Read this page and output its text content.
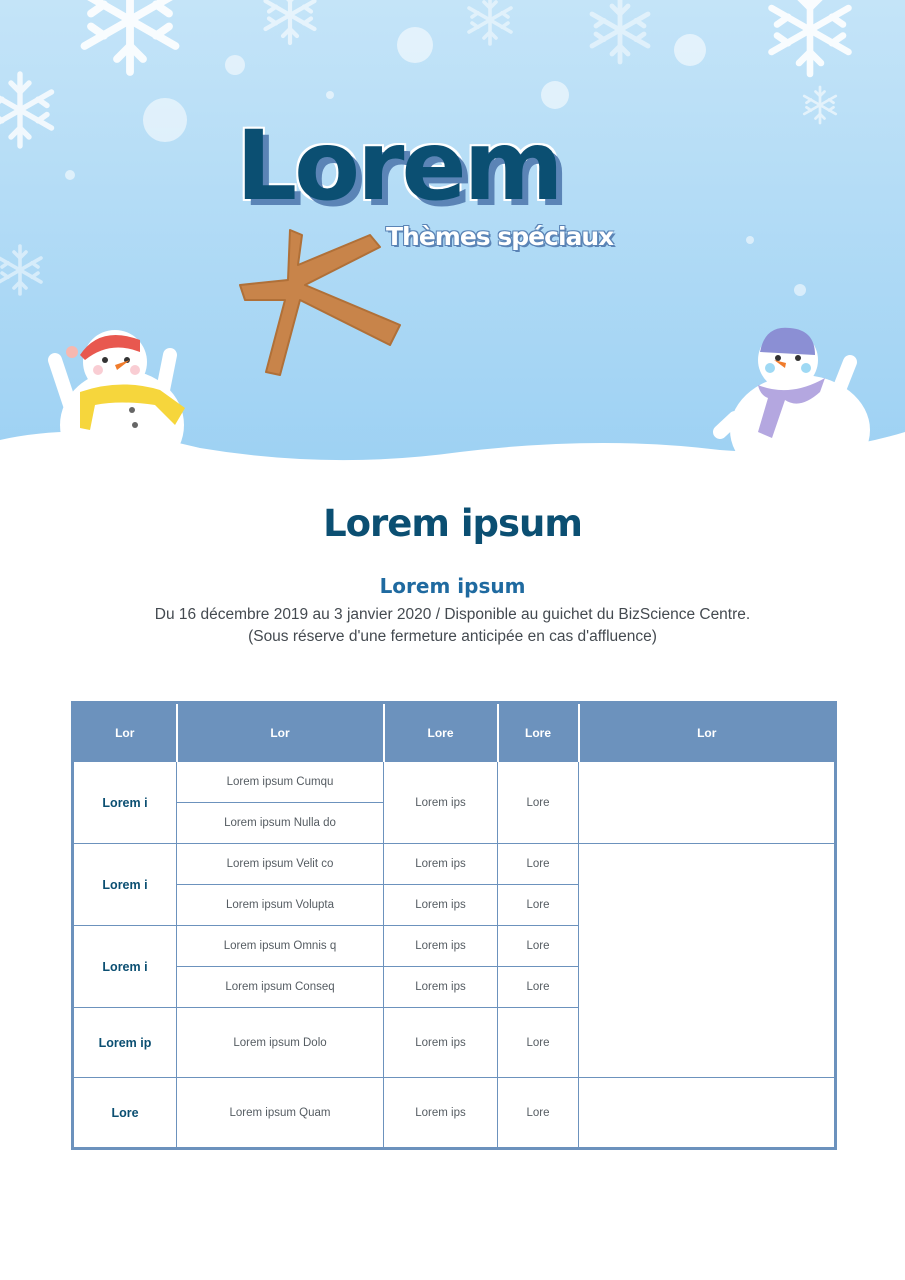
Lorem
Thèmes spéciaux
Lorem ipsum
Lorem ipsum
Du 16 décembre 2019 au 3 janvier 2020 / Disponible au guichet du BizScience Centre.
(Sous réserve d'une fermeture anticipée en cas d'affluence)
Lor	Lor	Lore	Lore	Lor
Lorem i	Lorem ipsum Cumqu	Lorem ips	Lore	
	Lorem ipsum Nulla do			
Lorem i	Lorem ipsum Velit co	Lorem ips	Lore	
	Lorem ipsum Volupta	Lorem ips	Lore	
Lorem i	Lorem ipsum Omnis q	Lorem ips	Lore	
	Lorem ipsum Conseq	Lorem ips	Lore	
Lorem ip	Lorem ipsum Dolo	Lorem ips	Lore	
Lore	Lorem ipsum Quam	Lorem ips	Lore	
